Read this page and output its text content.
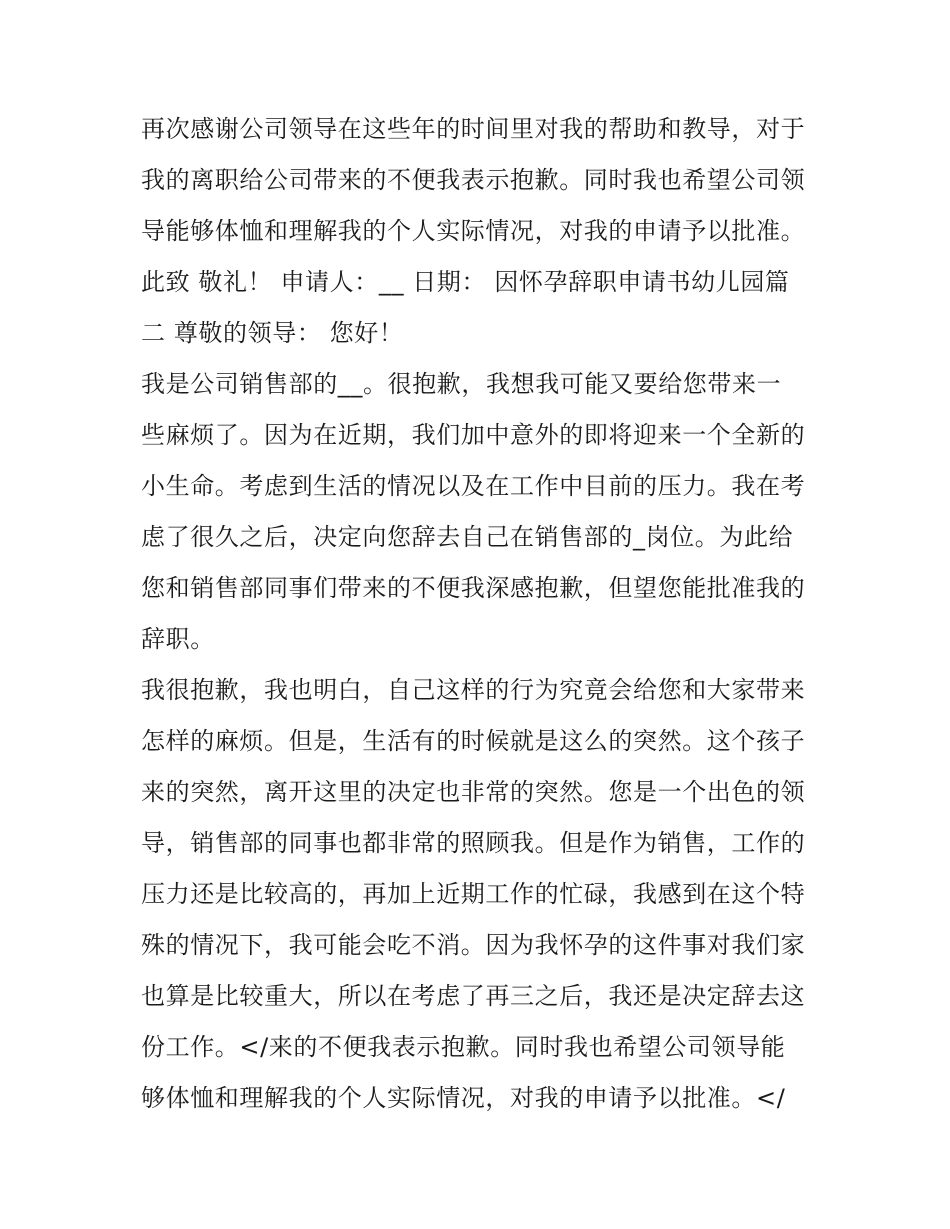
再次感谢公司领导在这些年的时间里对我的帮助和教导，对于
我的离职给公司带来的不便我表示抱歉。同时我也希望公司领
导能够体恤和理解我的个人实际情况，对我的申请予以批准。
此致 敬礼！ 申请人：__ 日期： 因怀孕辞职申请书幼儿园篇
二 尊敬的领导： 您好！
我是公司销售部的__。很抱歉，我想我可能又要给您带来一
些麻烦了。因为在近期，我们加中意外的即将迎来一个全新的
小生命。考虑到生活的情况以及在工作中目前的压力。我在考
虑了很久之后，决定向您辞去自己在销售部的_岗位。为此给
您和销售部同事们带来的不便我深感抱歉，但望您能批准我的
辞职。
我很抱歉，我也明白，自己这样的行为究竟会给您和大家带来
怎样的麻烦。但是，生活有的时候就是这么的突然。这个孩子
来的突然，离开这里的决定也非常的突然。您是一个出色的领
导，销售部的同事也都非常的照顾我。但是作为销售，工作的
压力还是比较高的，再加上近期工作的忙碌，我感到在这个特
殊的情况下，我可能会吃不消。因为我怀孕的这件事对我们家
也算是比较重大，所以在考虑了再三之后，我还是决定辞去这
份工作。</来的不便我表示抱歉。同时我也希望公司领导能
够体恤和理解我的个人实际情况，对我的申请予以批准。</
